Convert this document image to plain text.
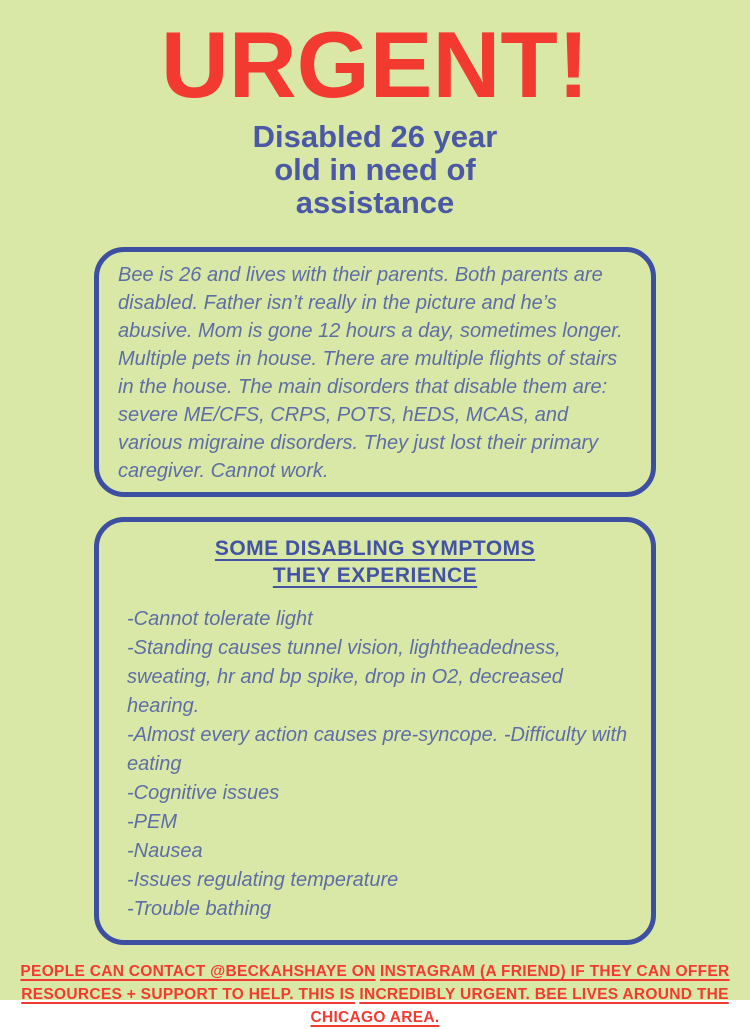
URGENT!
Disabled 26 year
old in need of
assistance

Bee is 26 and lives with their parents. Both parents are disabled. Father isn’t really in the picture and he’s abusive. Mom is gone 12 hours a day, sometimes longer. Multiple pets in house. There are multiple flights of stairs in the house. The main disorders that disable them are: severe ME/CFS, CRPS, POTS, hEDS, MCAS, and various migraine disorders. They just lost their primary caregiver. Cannot work.

SOME DISABLING SYMPTOMS THEY EXPERIENCE
-Cannot tolerate light
-Standing causes tunnel vision, lightheadedness, sweating, hr and bp spike, drop in O2, decreased hearing.
-Almost every action causes pre-syncope. -Difficulty with eating
-Cognitive issues
-PEM
-Nausea
-Issues regulating temperature
-Trouble bathing
PEOPLE CAN CONTACT @BECKAHSHAYE ON INSTAGRAM (A FRIEND) IF THEY CAN OFFER RESOURCES + SUPPORT TO HELP. THIS IS INCREDIBLY URGENT. BEE LIVES AROUND THE CHICAGO AREA.
